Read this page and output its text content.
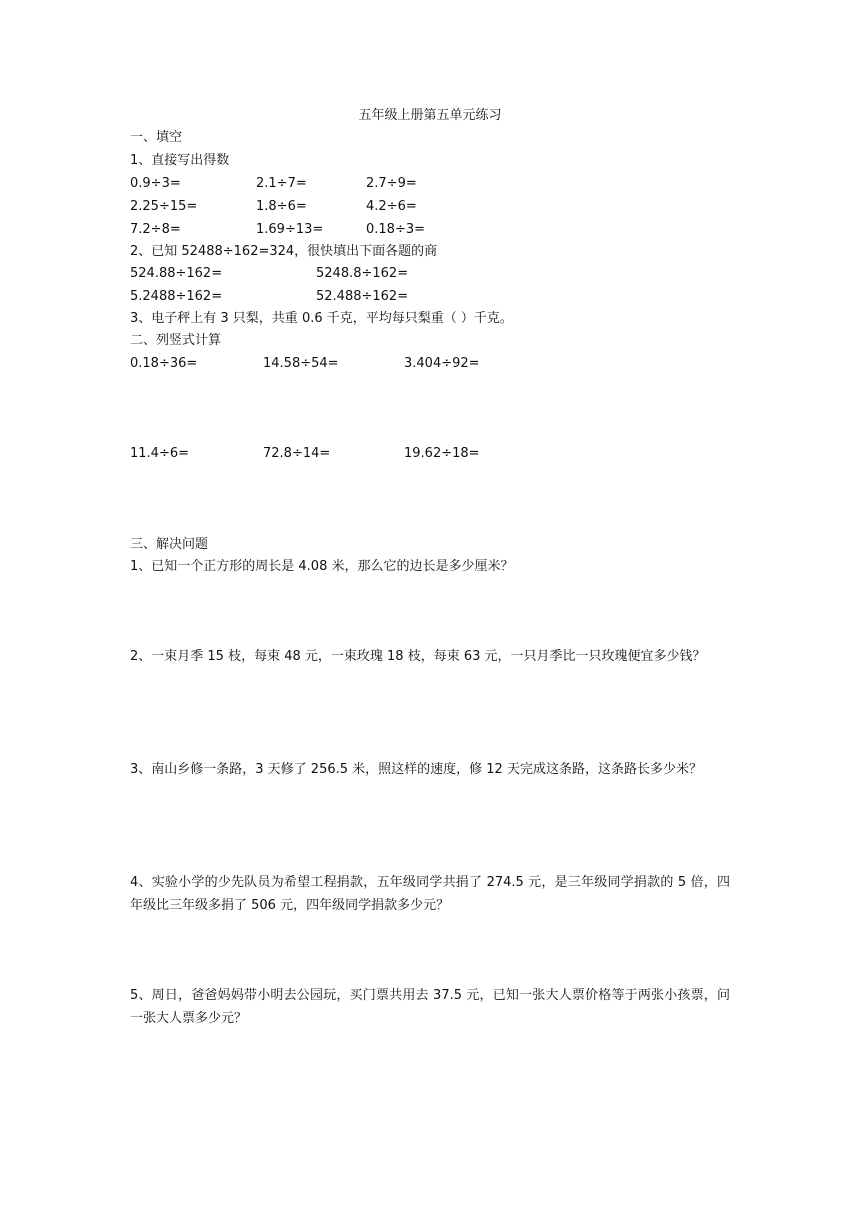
五年级上册第五单元练习
一、填空
1、直接写出得数
0.9÷3=	2.1÷7=	2.7÷9=
2.25÷15=	1.8÷6=	4.2÷6=
7.2÷8=	1.69÷13=	0.18÷3=
2、已知 52488÷162=324，很快填出下面各题的商
524.88÷162=	5248.8÷162=
5.2488÷162=	52.488÷162=
3、电子秤上有 3 只梨，共重 0.6 千克，平均每只梨重（ ）千克。
二、列竖式计算
0.18÷36=	14.58÷54=	3.404÷92=
11.4÷6=	72.8÷14=	19.62÷18=
三、解决问题
1、已知一个正方形的周长是 4.08 米，那么它的边长是多少厘米？
2、一束月季 15 枝，每束 48 元，一束玫瑰 18 枝，每束 63 元，一只月季比一只玫瑰便宜多少钱？
3、南山乡修一条路，3 天修了 256.5 米，照这样的速度，修 12 天完成这条路，这条路长多少米？
4、实验小学的少先队员为希望工程捐款，五年级同学共捐了 274.5 元，是三年级同学捐款的 5 倍，四年级比三年级多捐了 506 元，四年级同学捐款多少元？
5、周日，爸爸妈妈带小明去公园玩，买门票共用去 37.5 元，已知一张大人票价格等于两张小孩票，问一张大人票多少元？
